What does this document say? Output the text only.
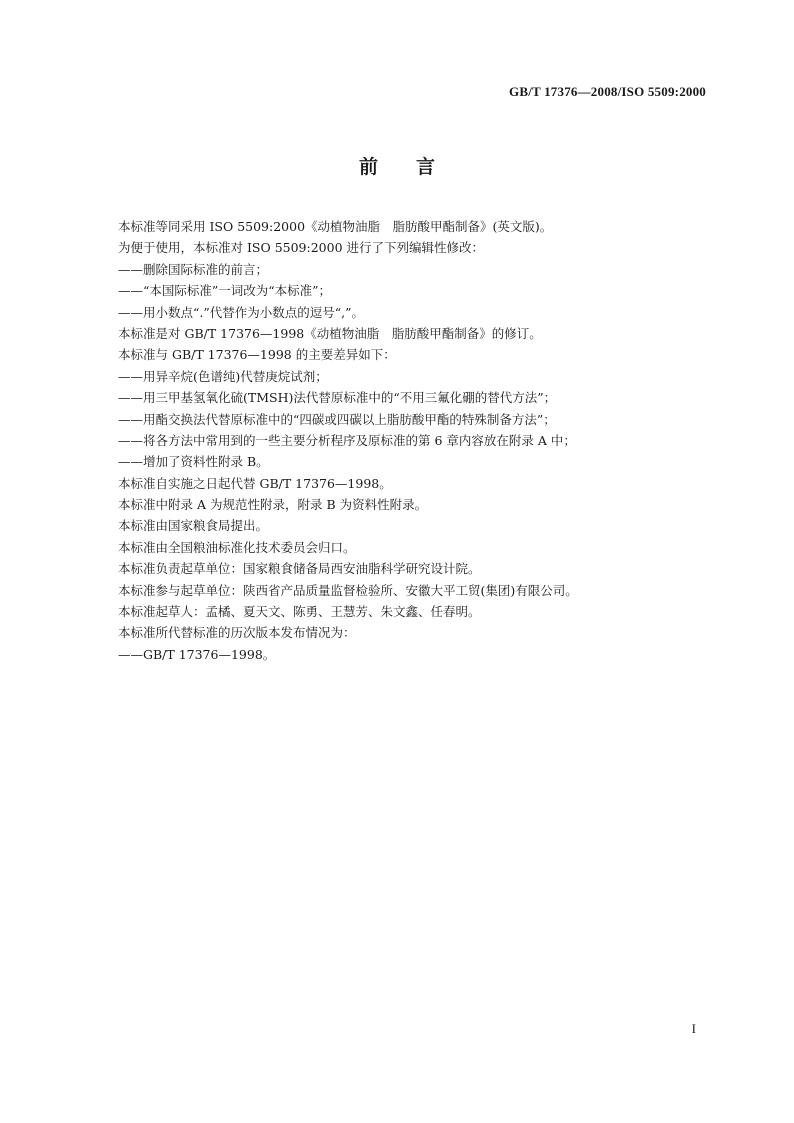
GB/T 17376—2008/ISO 5509:2000
前 言
本标准等同采用 ISO 5509:2000《动植物油脂　脂肪酸甲酯制备》(英文版)。
为便于使用，本标准对 ISO 5509:2000 进行了下列编辑性修改：
——删除国际标准的前言；
——“本国际标准”一词改为“本标准”；
——用小数点“.”代替作为小数点的逗号“,”。
本标准是对 GB/T 17376—1998《动植物油脂　脂肪酸甲酯制备》的修订。
本标准与 GB/T 17376—1998 的主要差异如下：
——用异辛烷(色谱纯)代替庚烷试剂；
——用三甲基氢氧化硫(TMSH)法代替原标准中的“不用三氟化硼的替代方法”；
——用酯交换法代替原标准中的“四碳或四碳以上脂肪酸甲酯的特殊制备方法”；
——将各方法中常用到的一些主要分析程序及原标准的第 6 章内容放在附录 A 中；
——增加了资料性附录 B。
本标准自实施之日起代替 GB/T 17376—1998。
本标准中附录 A 为规范性附录，附录 B 为资料性附录。
本标准由国家粮食局提出。
本标准由全国粮油标准化技术委员会归口。
本标准负责起草单位：国家粮食储备局西安油脂科学研究设计院。
本标准参与起草单位：陕西省产品质量监督检验所、安徽大平工贸(集团)有限公司。
本标准起草人：孟橘、夏天文、陈勇、王慧芳、朱文鑫、任春明。
本标准所代替标准的历次版本发布情况为：
——GB/T 17376—1998。
I
